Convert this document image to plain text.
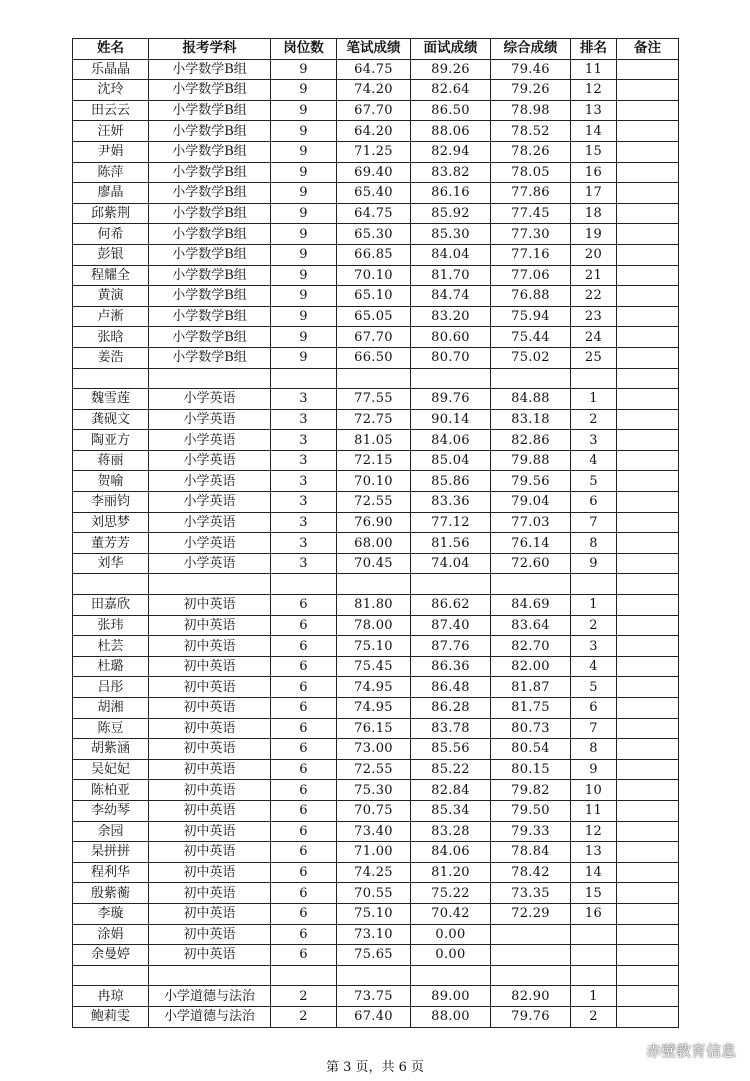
姓名	报考学科	岗位数	笔试成绩	面试成绩	综合成绩	排名	备注
乐晶晶	小学数学B组	9	64.75	89.26	79.46	11	
沈玲	小学数学B组	9	74.20	82.64	79.26	12	
田云云	小学数学B组	9	67.70	86.50	78.98	13	
汪妍	小学数学B组	9	64.20	88.06	78.52	14	
尹娟	小学数学B组	9	71.25	82.94	78.26	15	
陈萍	小学数学B组	9	69.40	83.82	78.05	16	
廖晶	小学数学B组	9	65.40	86.16	77.86	17	
邱紫荆	小学数学B组	9	64.75	85.92	77.45	18	
何希	小学数学B组	9	65.30	85.30	77.30	19	
彭银	小学数学B组	9	66.85	84.04	77.16	20	
程耀全	小学数学B组	9	70.10	81.70	77.06	21	
黄演	小学数学B组	9	65.10	84.74	76.88	22	
卢淅	小学数学B组	9	65.05	83.20	75.94	23	
张晗	小学数学B组	9	67.70	80.60	75.44	24	
姜浩	小学数学B组	9	66.50	80.70	75.02	25	

魏雪莲	小学英语	3	77.55	89.76	84.88	1	
龚砚文	小学英语	3	72.75	90.14	83.18	2	
陶亚方	小学英语	3	81.05	84.06	82.86	3	
蒋丽	小学英语	3	72.15	85.04	79.88	4	
贺喻	小学英语	3	70.10	85.86	79.56	5	
李丽钧	小学英语	3	72.55	83.36	79.04	6	
刘思梦	小学英语	3	76.90	77.12	77.03	7	
董芳芳	小学英语	3	68.00	81.56	76.14	8	
刘华	小学英语	3	70.45	74.04	72.60	9	

田嘉欣	初中英语	6	81.80	86.62	84.69	1	
张玮	初中英语	6	78.00	87.40	83.64	2	
杜芸	初中英语	6	75.10	87.76	82.70	3	
杜璐	初中英语	6	75.45	86.36	82.00	4	
吕彤	初中英语	6	74.95	86.48	81.87	5	
胡湘	初中英语	6	74.95	86.28	81.75	6	
陈豆	初中英语	6	76.15	83.78	80.73	7	
胡紫涵	初中英语	6	73.00	85.56	80.54	8	
吴妃妃	初中英语	6	72.55	85.22	80.15	9	
陈柏亚	初中英语	6	75.30	82.84	79.82	10	
李幼琴	初中英语	6	70.75	85.34	79.50	11	
余园	初中英语	6	73.40	83.28	79.33	12	
杲拼拼	初中英语	6	71.00	84.06	78.84	13	
程利华	初中英语	6	74.25	81.20	78.42	14	
殷紫蘅	初中英语	6	70.55	75.22	73.35	15	
李璇	初中英语	6	75.10	70.42	72.29	16	
涂娟	初中英语	6	73.10	0.00			
余曼婷	初中英语	6	75.65	0.00			

冉琼	小学道德与法治	2	73.75	89.00	82.90	1	
鲍莉雯	小学道德与法治	2	67.40	88.00	79.76	2	
第 3 页，共 6 页
赤壁教育信息
